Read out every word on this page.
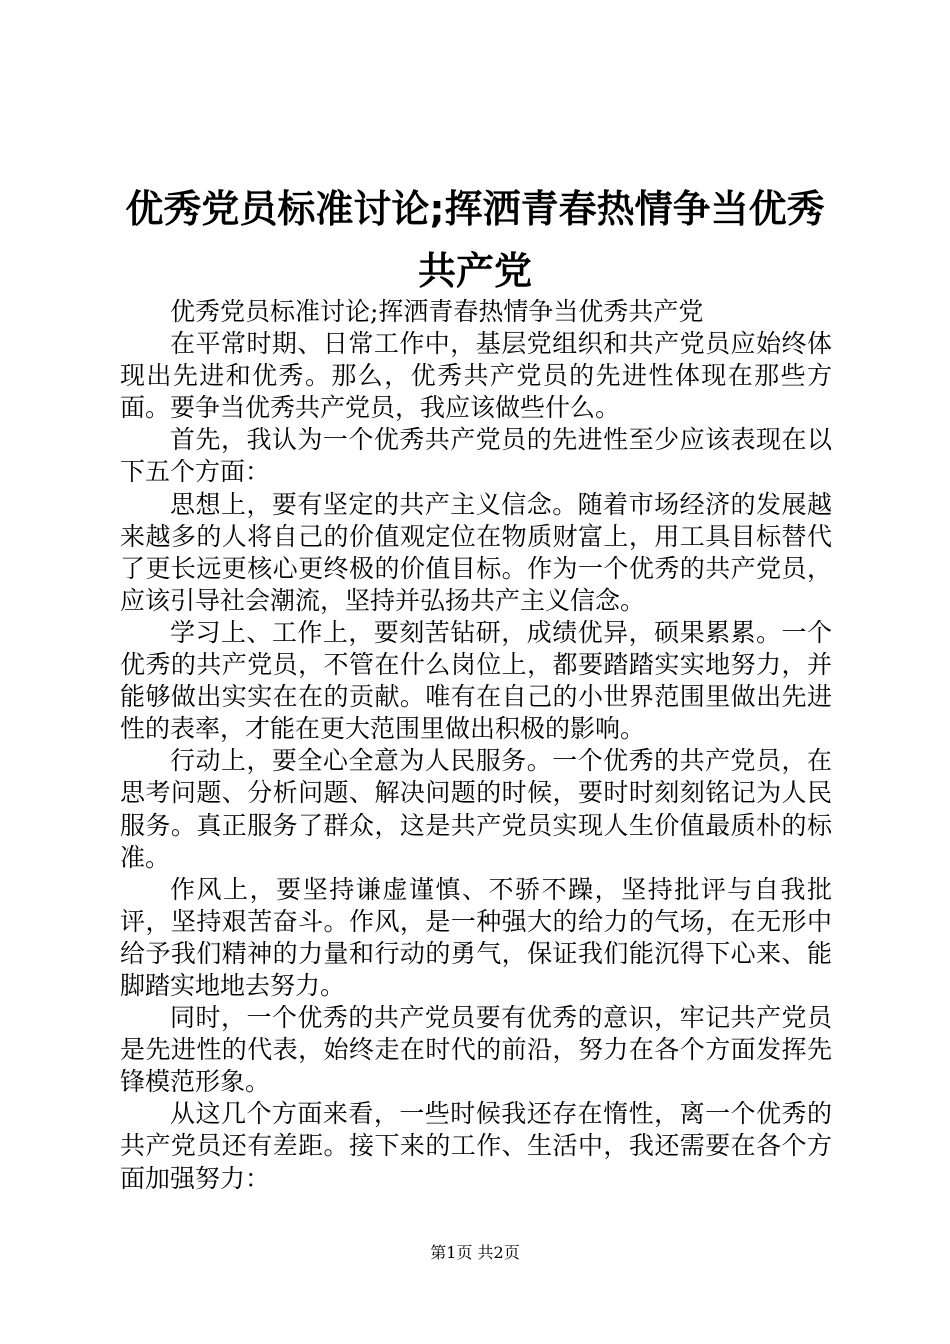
优秀党员标准讨论;挥洒青春热情争当优秀共产党

优秀党员标准讨论;挥洒青春热情争当优秀共产党

在平常时期、日常工作中，基层党组织和共产党员应始终体现出先进和优秀。那么，优秀共产党员的先进性体现在那些方面。要争当优秀共产党员，我应该做些什么。

首先，我认为一个优秀共产党员的先进性至少应该表现在以下五个方面：

思想上，要有坚定的共产主义信念。随着市场经济的发展越来越多的人将自己的价值观定位在物质财富上，用工具目标替代了更长远更核心更终极的价值目标。作为一个优秀的共产党员，应该引导社会潮流，坚持并弘扬共产主义信念。

学习上、工作上，要刻苦钻研，成绩优异，硕果累累。一个优秀的共产党员，不管在什么岗位上，都要踏踏实实地努力，并能够做出实实在在的贡献。唯有在自己的小世界范围里做出先进性的表率，才能在更大范围里做出积极的影响。

行动上，要全心全意为人民服务。一个优秀的共产党员，在思考问题、分析问题、解决问题的时候，要时时刻刻铭记为人民服务。真正服务了群众，这是共产党员实现人生价值最质朴的标准。

作风上，要坚持谦虚谨慎、不骄不躁，坚持批评与自我批评，坚持艰苦奋斗。作风，是一种强大的给力的气场，在无形中给予我们精神的力量和行动的勇气，保证我们能沉得下心来、能脚踏实地地去努力。

同时，一个优秀的共产党员要有优秀的意识，牢记共产党员是先进性的代表，始终走在时代的前沿，努力在各个方面发挥先锋模范形象。

从这几个方面来看，一些时候我还存在惰性，离一个优秀的共产党员还有差距。接下来的工作、生活中，我还需要在各个方面加强努力：

第1页 共2页
